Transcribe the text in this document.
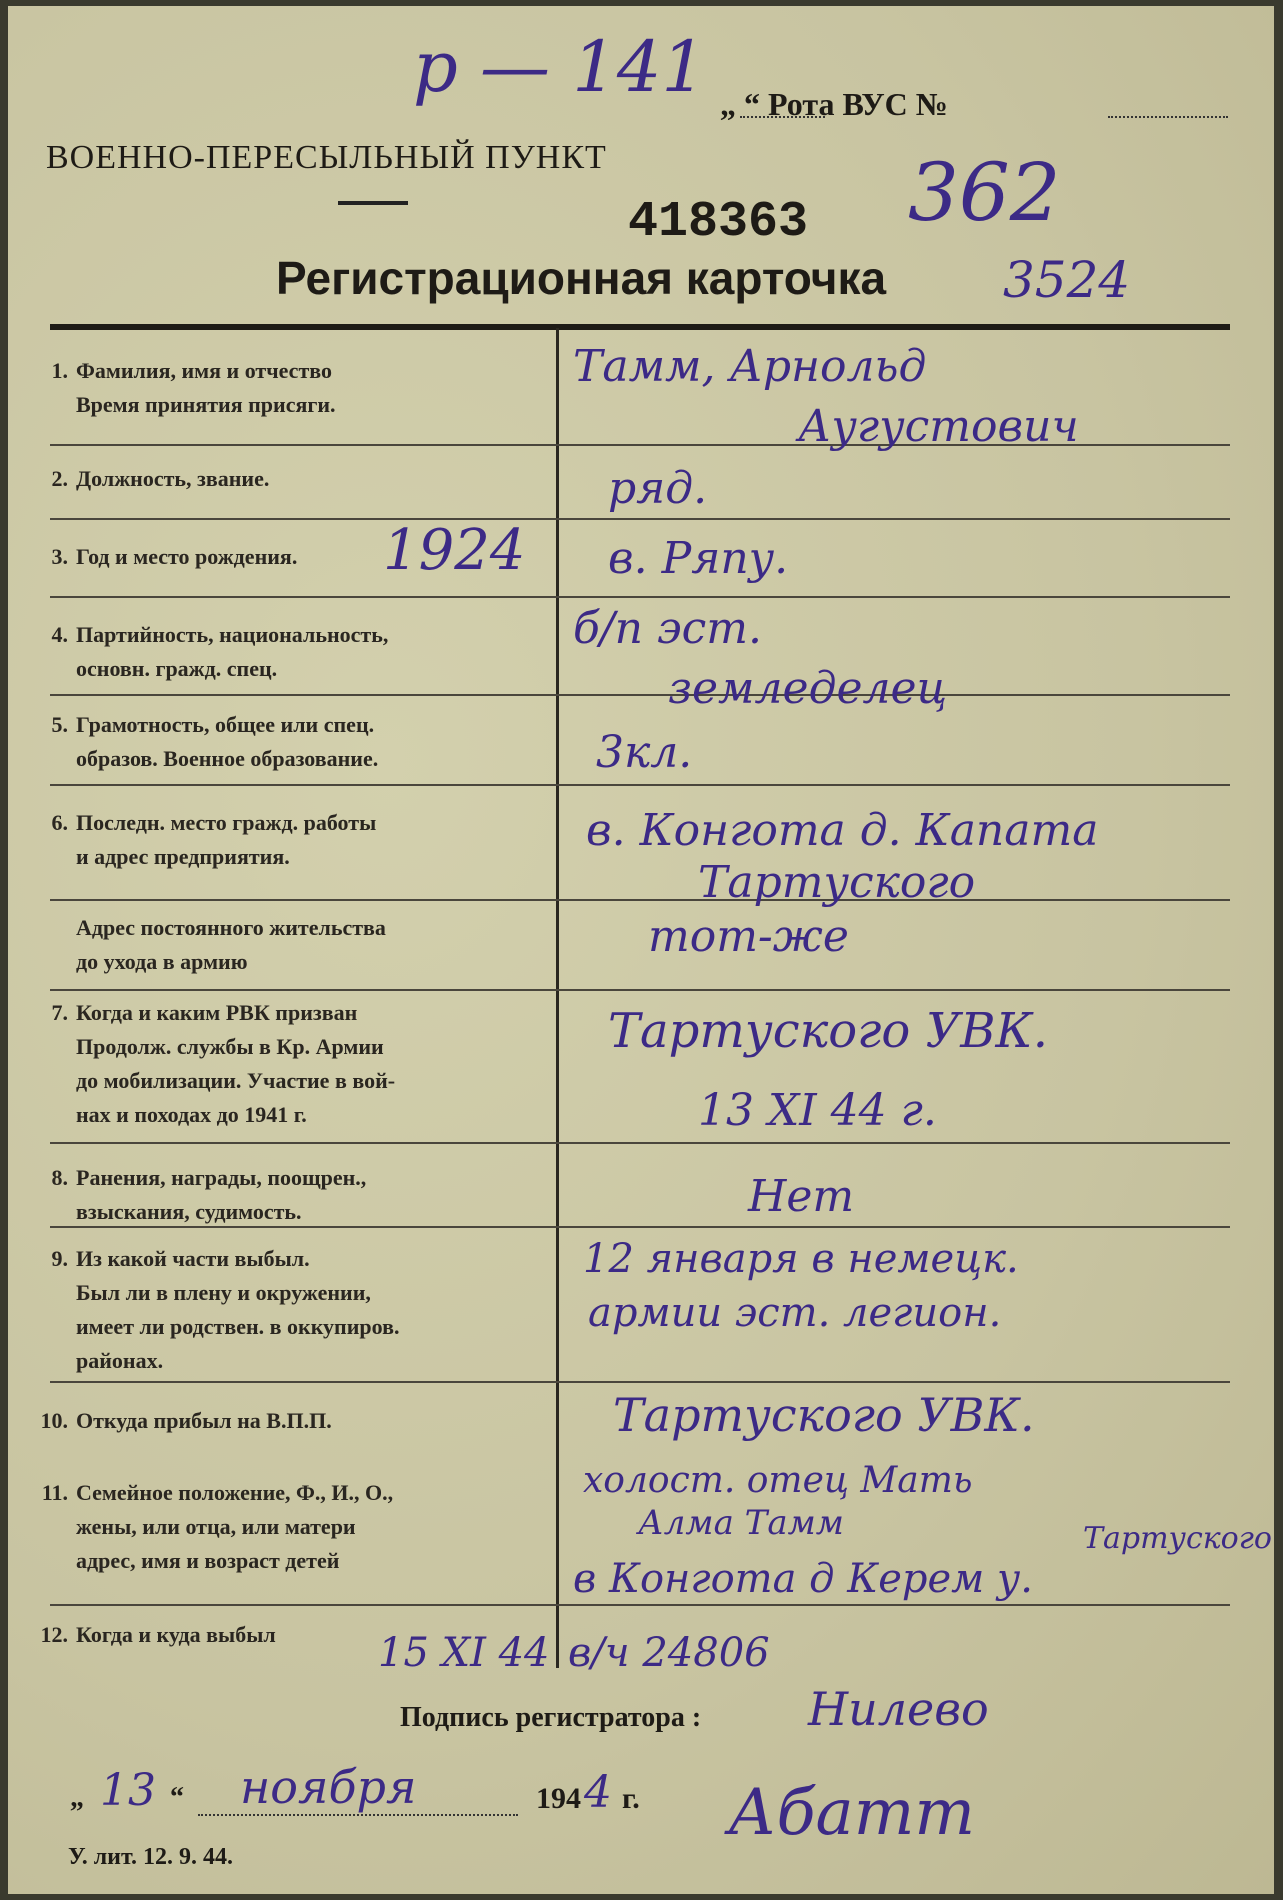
р — 141 „ “ Рота ВУС №
362
ВОЕННО-ПЕРЕСЫЛЬНЫЙ ПУНКТ
418363
Регистрационная карточка 3524
1. Фамилия, имя и отчество
Время принятия присяги.
2. Должность, звание.
3. Год и место рождения.
4. Партийность, национальность,
основн. гражд. спец.
5. Грамотность, общее или спец.
образов. Военное образование.
6. Последн. место гражд. работы
и адрес предприятия.
Адрес постоянного жительства
до ухода в армию
7. Когда и каким РВК призван
Продолж. службы в Кр. Армии
до мобилизации. Участие в вой-
нах и походах до 1941 г.
8. Ранения, награды, поощрен.,
взыскания, судимость.
9. Из какой части выбыл.
Был ли в плену и окружении,
имеет ли родствен. в оккупиров.
районах.
10. Откуда прибыл на В.П.П.
11. Семейное положение, Ф., И., О.,
жены, или отца, или матери
адрес, имя и возраст детей
12. Когда и куда выбыл
Тамм, Арнольд
Аугустович
1924
ряд.
в. Ряпу.
б/п эст.
земледелец
3кл.
в. Конгота д. Капата
Тартуского
тот-же
Тартуского УВК.
13 XI 44 г.
Нет
12 января в немецк.
армии эст. легион.
Тартуского УВК.
холост. отец Мать
Алма Тамм	Тартуского
в Конгота д Керем у.
15 XI 44 в/ч 24806
Подпись регистратора : Нилево
„ 13 “ ноября	194 4 г. Абатт
У. лит. 12. 9. 44.
